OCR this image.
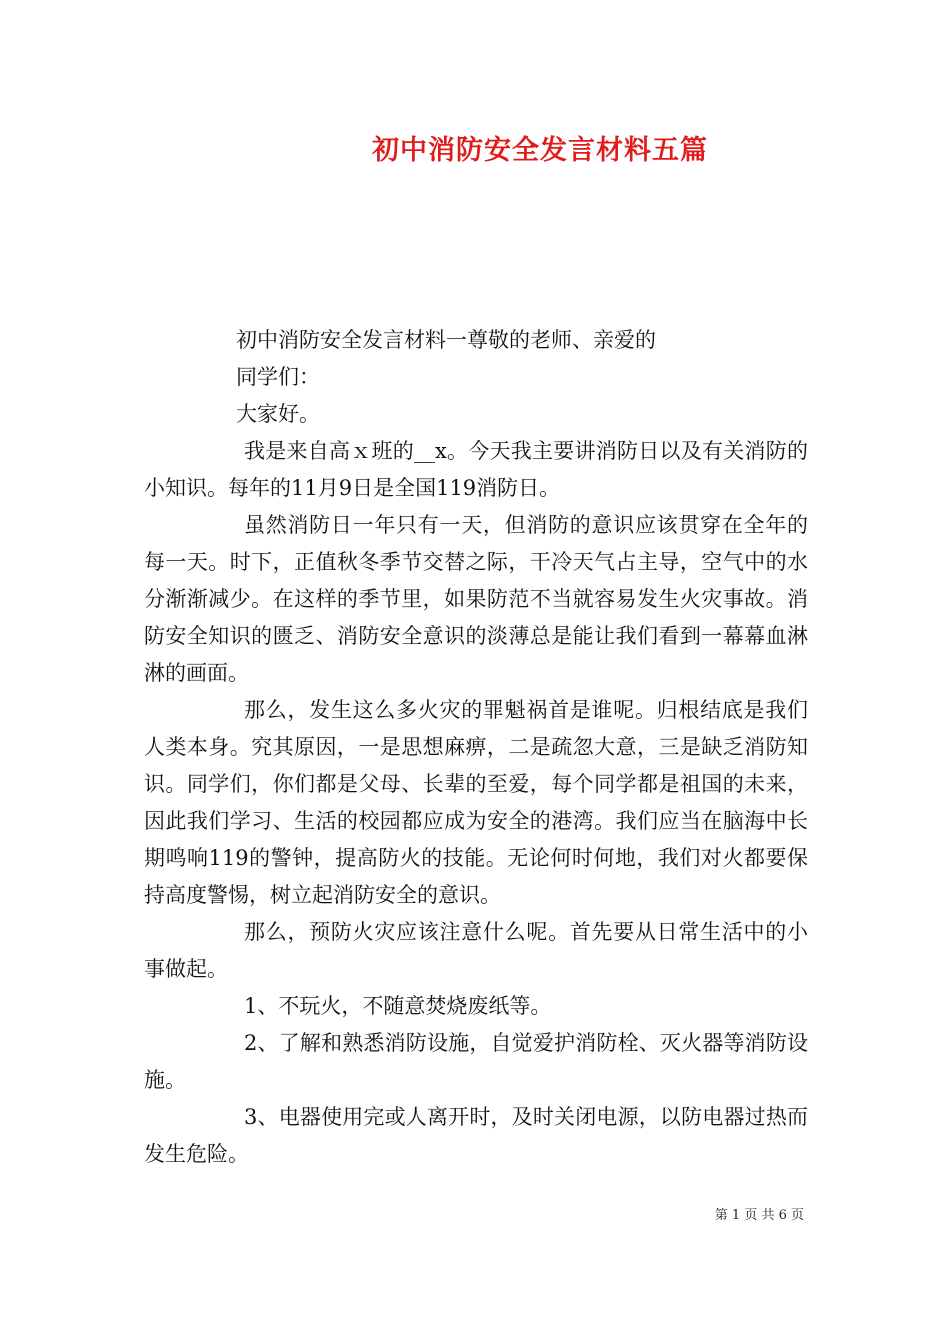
初中消防安全发言材料五篇

初中消防安全发言材料一尊敬的老师、亲爱的

同学们：

大家好。

我是来自高ｘ班的__x。今天我主要讲消防日以及有关消防的小知识。每年的11月9日是全国119消防日。

虽然消防日一年只有一天，但消防的意识应该贯穿在全年的每一天。时下，正值秋冬季节交替之际，干冷天气占主导，空气中的水分渐渐减少。在这样的季节里，如果防范不当就容易发生火灾事故。消防安全知识的匮乏、消防安全意识的淡薄总是能让我们看到一幕幕血淋淋的画面。

那么，发生这么多火灾的罪魁祸首是谁呢。归根结底是我们人类本身。究其原因，一是思想麻痹，二是疏忽大意，三是缺乏消防知识。同学们，你们都是父母、长辈的至爱，每个同学都是祖国的未来，因此我们学习、生活的校园都应成为安全的港湾。我们应当在脑海中长期鸣响119的警钟，提高防火的技能。无论何时何地，我们对火都要保持高度警惕，树立起消防安全的意识。

那么，预防火灾应该注意什么呢。首先要从日常生活中的小事做起。

1、不玩火，不随意焚烧废纸等。

2、了解和熟悉消防设施，自觉爱护消防栓、灭火器等消防设施。

3、电器使用完或人离开时，及时关闭电源，以防电器过热而发生危险。

第 1 页 共 6 页
